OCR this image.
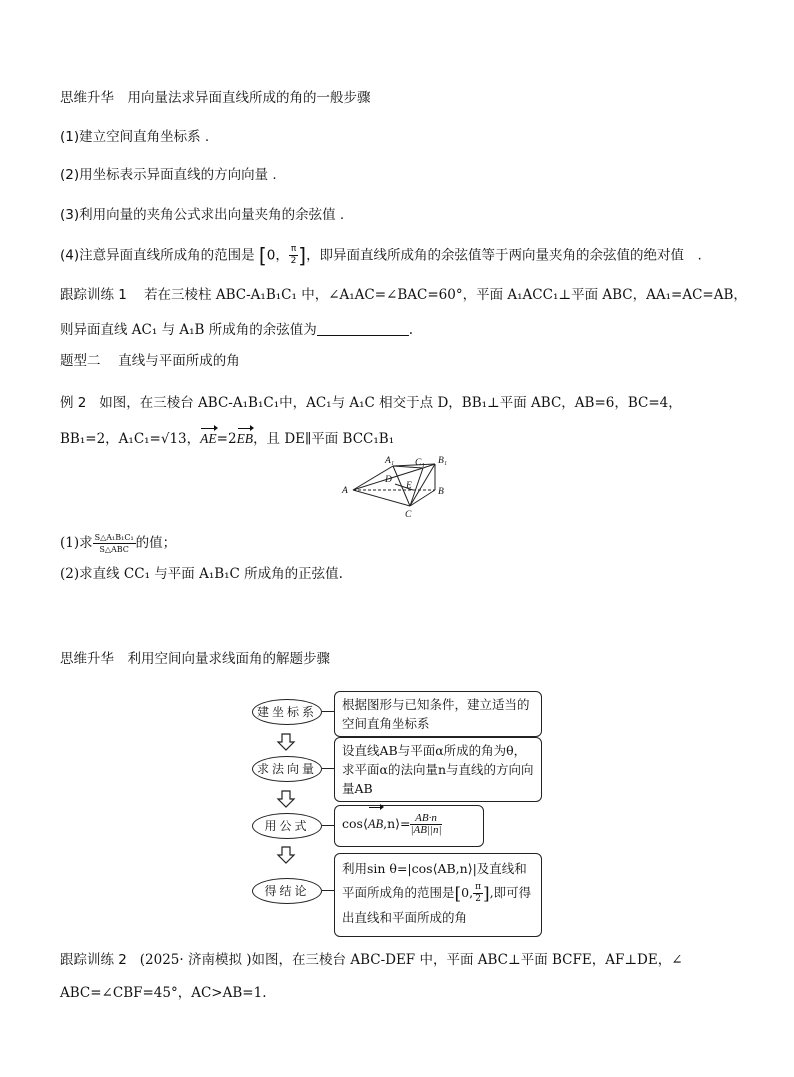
思维升华　用向量法求异面直线所成的角的一般步骤
(1)建立空间直角坐标系 .
(2)用坐标表示异面直线的方向向量 .
(3)利用向量的夹角公式求出向量夹角的余弦值 .
(4)注意异面直线所成角的范围是 [0， $\frac{\pi}{2}$ ]，即异面直线所成角的余弦值等于两向量夹角的余弦值的绝对值　.
跟踪训练 1 若在三棱柱 ABC-A₁B₁C₁ 中，∠A₁AC=∠BAC=60°，平面 A₁ACC₁⊥平面 ABC，AA₁=AC=AB，
则异面直线 AC₁ 与 A₁B 所成角的余弦值为	.
题型二　 直线与平面所成的角
例 2 如图，在三棱台 ABC-A₁B₁C₁中，AC₁与 A₁C 相交于点 D，BB₁⊥平面 ABC，AB=6，BC=4，
BB₁=2，A₁C₁=√13，AE=2EB，且 DE∥平面 BCC₁B₁
A₁ C₁ B₁
A
D
E
B
C
(1)求 $\frac{\text{S△A₁B₁C₁}}{\text{S△ABC}}$ 的值；
(2)求直线 CC₁ 与平面 A₁B₁C 所成角的正弦值.
思维升华　利用空间向量求线面角的解题步骤
建坐标系	根据图形与已知条件，建立适当的空间直角坐标系
求法向量
设直线AB与平面α所成的角为θ，求平面α的法向量n与直线的方向向量AB
用公式	cos⟨AB,n⟩= $\frac{AB\cdot n}{|AB||n|}$
得结论
利用sin θ=|cos⟨AB,n⟩|及直线和
平面所成角的范围是[0, $\frac{\pi}{2}$ ],即可得
出直线和平面所成的角
跟踪训练 2 (2025· 济南模拟 )如图，在三棱台 ABC-DEF 中，平面 ABC⊥平面 BCFE，AF⊥DE，∠
ABC=∠CBF=45°，AC>AB=1.
